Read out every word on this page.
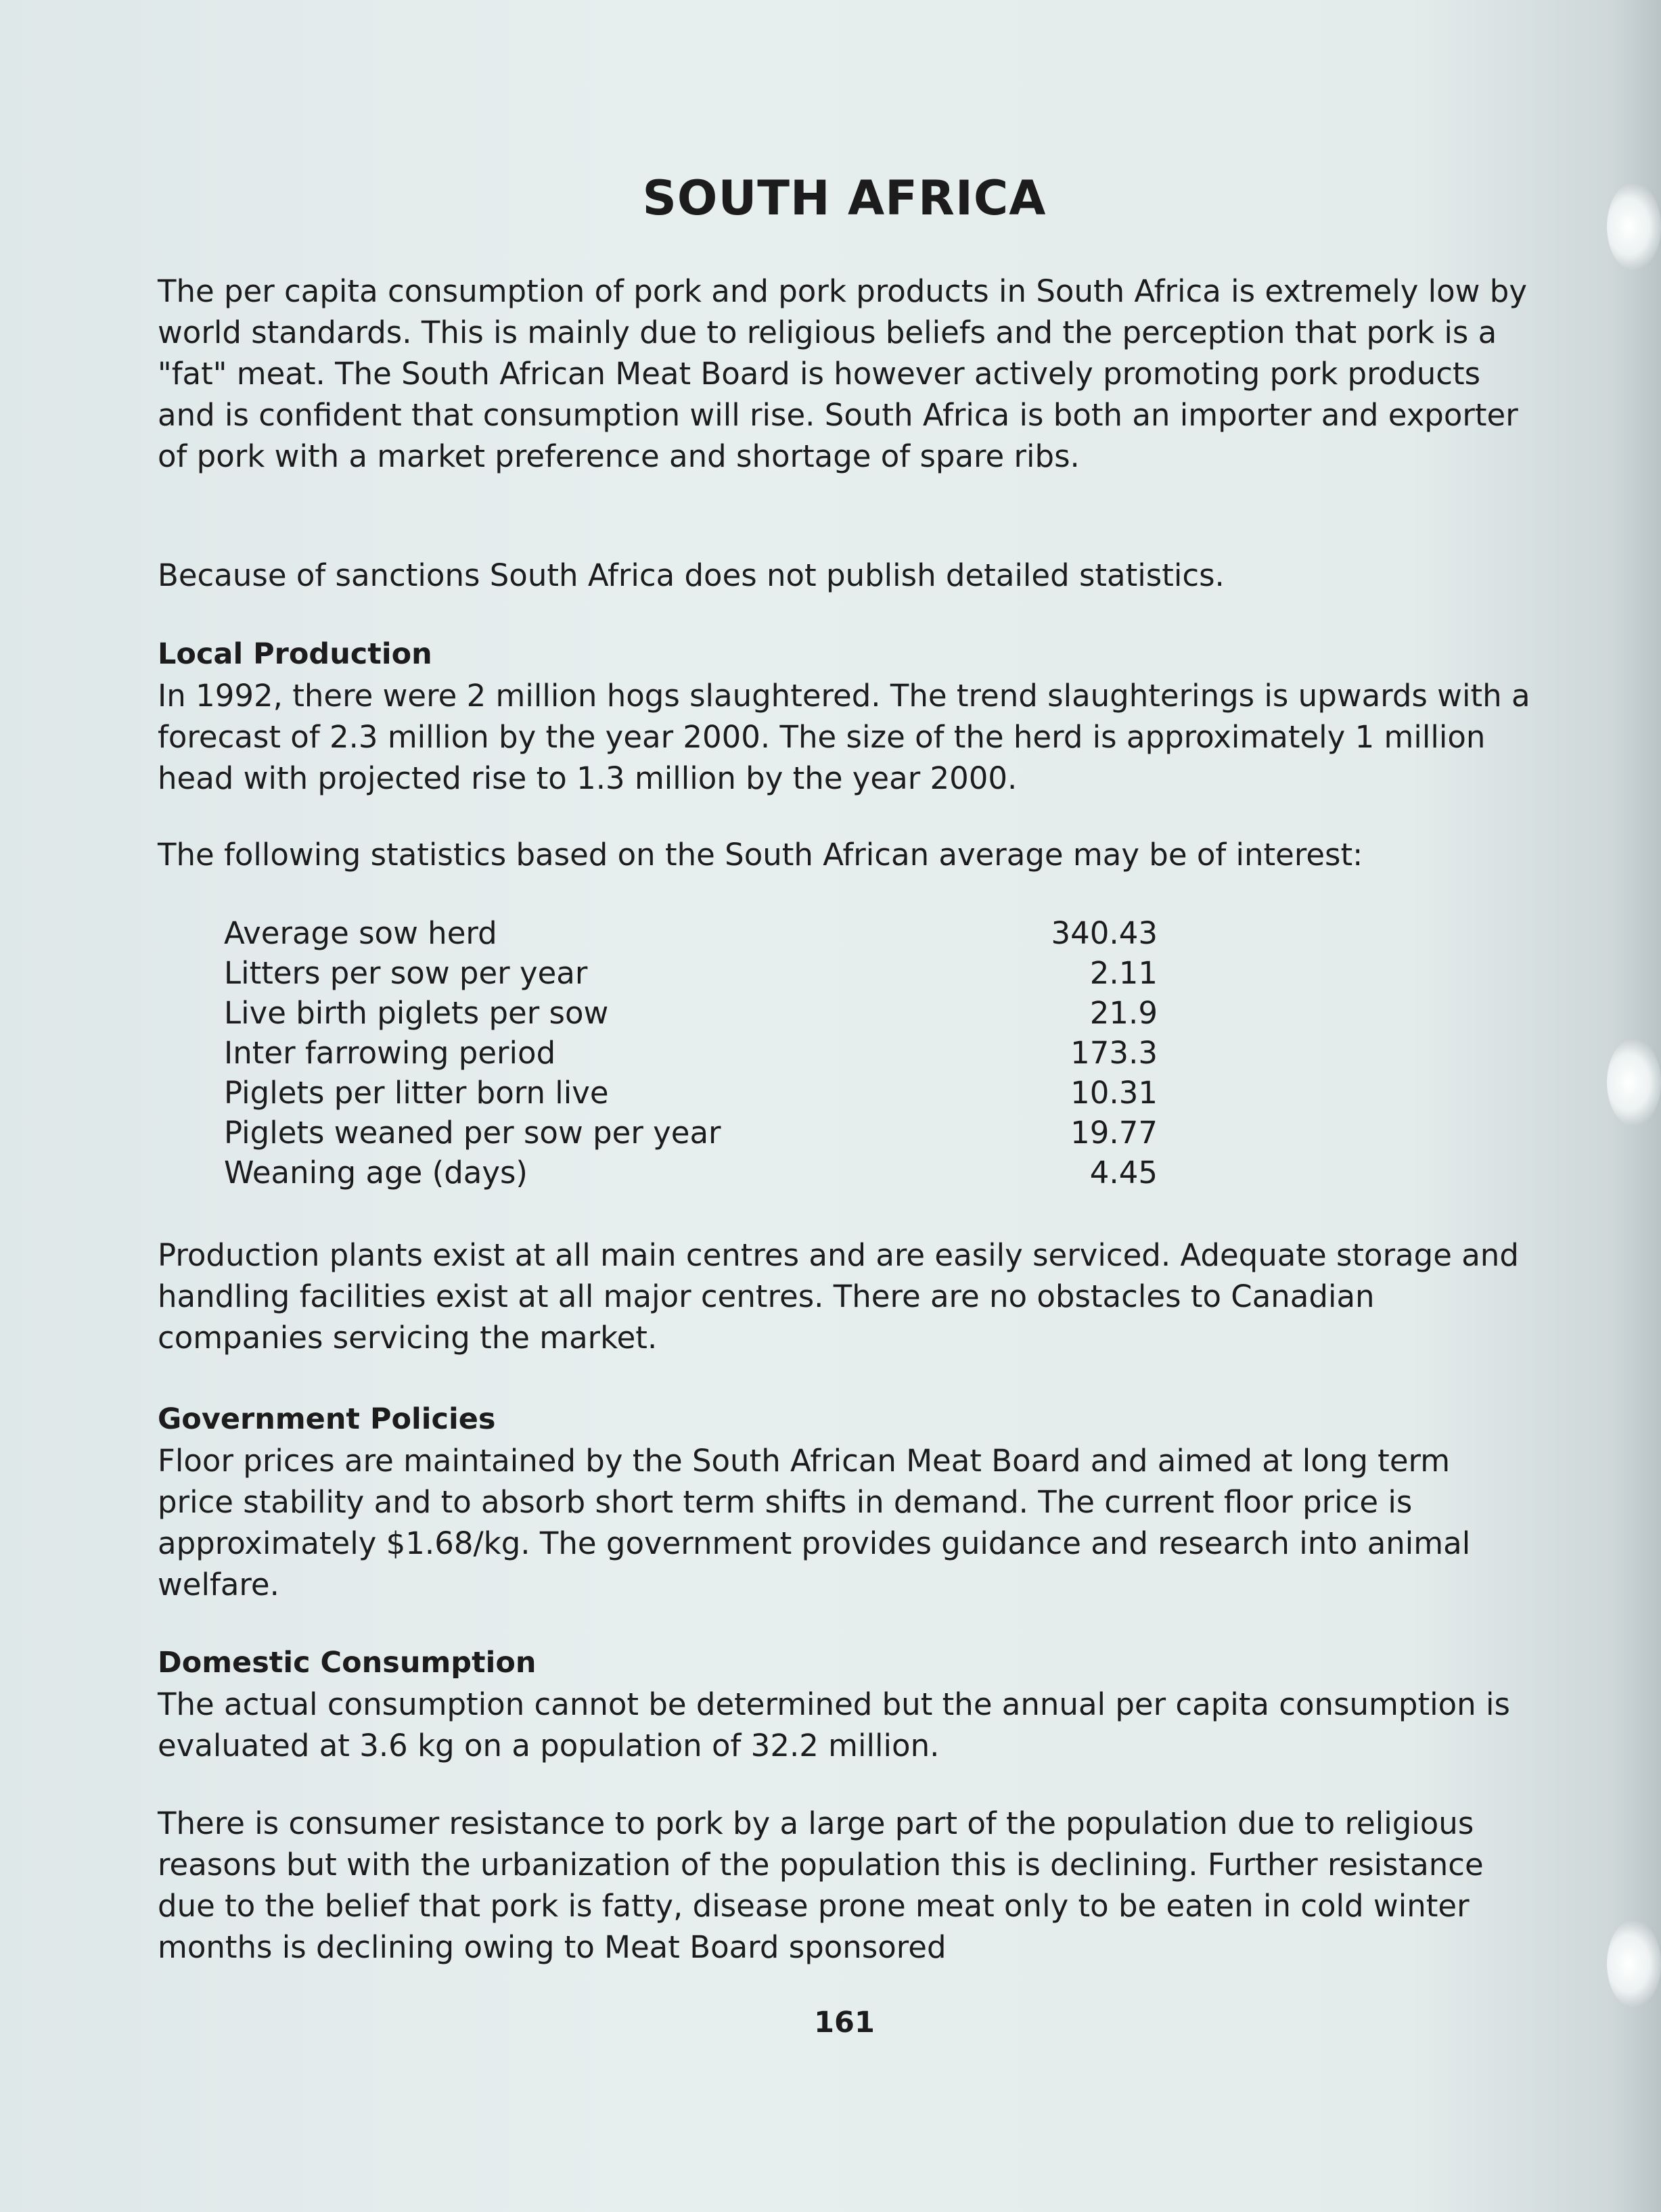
SOUTH AFRICA

The per capita consumption of pork and pork products in South Africa is extremely low by world standards. This is mainly due to religious beliefs and the perception that pork is a "fat" meat. The South African Meat Board is however actively promoting pork products and is confident that consumption will rise. South Africa is both an importer and exporter of pork with a market preference and shortage of spare ribs.

Because of sanctions South Africa does not publish detailed statistics.

Local Production

In 1992, there were 2 million hogs slaughtered. The trend slaughterings is upwards with a forecast of 2.3 million by the year 2000. The size of the herd is approximately 1 million head with projected rise to 1.3 million by the year 2000.

The following statistics based on the South African average may be of interest:

Average sow herd	340.43
Litters per sow per year	2.11
Live birth piglets per sow	21.9
Inter farrowing period	173.3
Piglets per litter born live	10.31
Piglets weaned per sow per year	19.77
Weaning age (days)	4.45

Production plants exist at all main centres and are easily serviced. Adequate storage and handling facilities exist at all major centres. There are no obstacles to Canadian companies servicing the market.

Government Policies

Floor prices are maintained by the South African Meat Board and aimed at long term price stability and to absorb short term shifts in demand. The current floor price is approximately $1.68/kg. The government provides guidance and research into animal welfare.

Domestic Consumption

The actual consumption cannot be determined but the annual per capita consumption is evaluated at 3.6 kg on a population of 32.2 million.

There is consumer resistance to pork by a large part of the population due to religious reasons but with the urbanization of the population this is declining. Further resistance due to the belief that pork is fatty, disease prone meat only to be eaten in cold winter months is declining owing to Meat Board sponsored

161
